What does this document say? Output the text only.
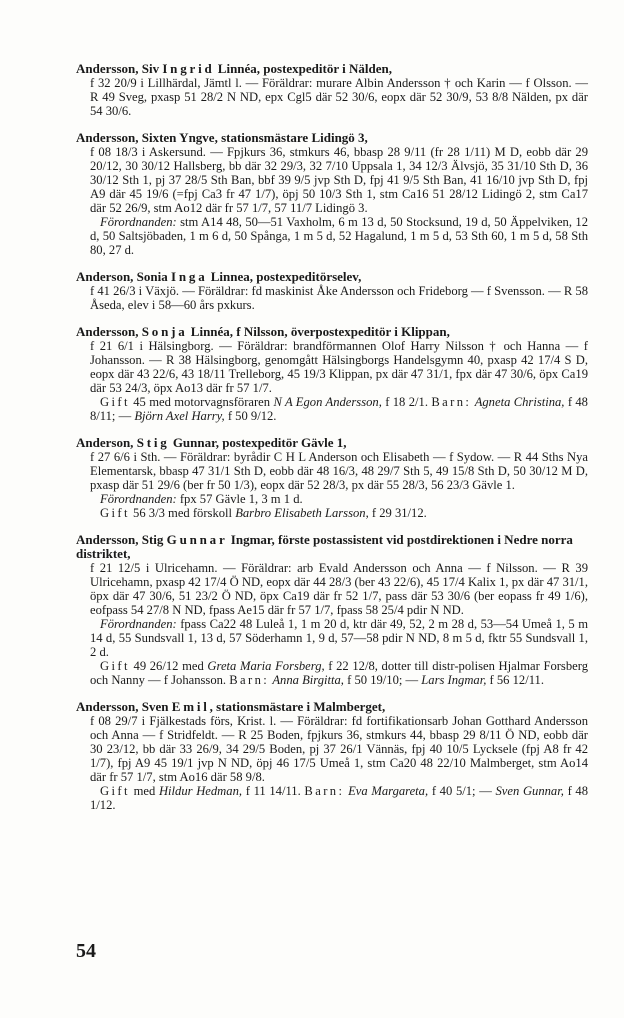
Andersson, Siv Ingrid Linnéa, postexpeditör i Nälden,

f 32 20/9 i Lillhärdal, Jämtl l. — Föräldrar: murare Albin Andersson † och Karin — f Olsson. — R 49 Sveg, pxasp 51 28/2 N ND, epx Cgl5 där 52 30/6, eopx där 52 30/9, 53 8/8 Nälden, px där 54 30/6.

Andersson, Sixten Yngve, stationsmästare Lidingö 3,

f 08 18/3 i Askersund. — Fpjkurs 36, stmkurs 46, bbasp 28 9/11 (fr 28 1/11) M D, eobb där 29 20/12, 30 30/12 Hallsberg, bb där 32 29/3, 32 7/10 Uppsala 1, 34 12/3 Älvsjö, 35 31/10 Sth D, 36 30/12 Sth 1, pj 37 28/5 Sth Ban, bbf 39 9/5 jvp Sth D, fpj 41 9/5 Sth Ban, 41 16/10 jvp Sth D, fpj A9 där 45 19/6 (=fpj Ca3 fr 47 1/7), öpj 50 10/3 Sth 1, stm Ca16 51 28/12 Lidingö 2, stm Ca17 där 52 26/9, stm Ao12 där fr 57 1/7, 57 11/7 Lidingö 3.

Förordnanden: stm A14 48, 50—51 Vaxholm, 6 m 13 d, 50 Stocksund, 19 d, 50 Äppelviken, 12 d, 50 Saltsjöbaden, 1 m 6 d, 50 Spånga, 1 m 5 d, 52 Hagalund, 1 m 5 d, 53 Sth 60, 1 m 5 d, 58 Sth 80, 27 d.

Anderson, Sonia Inga Linnea, postexpeditörselev,

f 41 26/3 i Växjö. — Föräldrar: fd maskinist Åke Andersson och Frideborg — f Svensson. — R 58 Åseda, elev i 58—60 års pxkurs.

Andersson, Sonja Linnéa, f Nilsson, överpostexpeditör i Klippan,

f 21 6/1 i Hälsingborg. — Föräldrar: brandförmannen Olof Harry Nilsson † och Hanna — f Johansson. — R 38 Hälsingborg, genomgått Hälsingborgs Handelsgymn 40, pxasp 42 17/4 S D, eopx där 43 22/6, 43 18/11 Trelleborg, 45 19/3 Klippan, px där 47 31/1, fpx där 47 30/6, öpx Ca19 där 53 24/3, öpx Ao13 där fr 57 1/7.

Gift 45 med motorvagnsföraren N A Egon Andersson, f 18 2/1. Barn: Agneta Christina, f 48 8/11; — Björn Axel Harry, f 50 9/12.

Anderson, Stig Gunnar, postexpeditör Gävle 1,

f 27 6/6 i Sth. — Föräldrar: byrådir C H L Anderson och Elisabeth — f Sydow. — R 44 Sths Nya Elementarsk, bbasp 47 31/1 Sth D, eobb där 48 16/3, 48 29/7 Sth 5, 49 15/8 Sth D, 50 30/12 M D, pxasp där 51 29/6 (ber fr 50 1/3), eopx där 52 28/3, px där 55 28/3, 56 23/3 Gävle 1.

Förordnanden: fpx 57 Gävle 1, 3 m 1 d.

Gift 56 3/3 med förskoll Barbro Elisabeth Larsson, f 29 31/12.

Andersson, Stig Gunnar Ingmar, förste postassistent vid postdirektionen i Nedre norra distriktet,

f 21 12/5 i Ulricehamn. — Föräldrar: arb Evald Andersson och Anna — f Nilsson. — R 39 Ulricehamn, pxasp 42 17/4 Ö ND, eopx där 44 28/3 (ber 43 22/6), 45 17/4 Kalix 1, px där 47 31/1, öpx där 47 30/6, 51 23/2 Ö ND, öpx Ca19 där fr 52 1/7, pass där 53 30/6 (ber eopass fr 49 1/6), eofpass 54 27/8 N ND, fpass Ae15 där fr 57 1/7, fpass 58 25/4 pdir N ND.

Förordnanden: fpass Ca22 48 Luleå 1, 1 m 20 d, ktr där 49, 52, 2 m 28 d, 53—54 Umeå 1, 5 m 14 d, 55 Sundsvall 1, 13 d, 57 Söderhamn 1, 9 d, 57—58 pdir N ND, 8 m 5 d, fktr 55 Sundsvall 1, 2 d.

Gift 49 26/12 med Greta Maria Forsberg, f 22 12/8, dotter till distr-polisen Hjalmar Forsberg och Nanny — f Johansson. Barn: Anna Birgitta, f 50 19/10; — Lars Ingmar, f 56 12/11.

Andersson, Sven Emil, stationsmästare i Malmberget,

f 08 29/7 i Fjälkestads förs, Krist. l. — Föräldrar: fd fortifikationsarb Johan Gotthard Andersson och Anna — f Stridfeldt. — R 25 Boden, fpjkurs 36, stmkurs 44, bbasp 29 8/11 Ö ND, eobb där 30 23/12, bb där 33 26/9, 34 29/5 Boden, pj 37 26/1 Vännäs, fpj 40 10/5 Lycksele (fpj A8 fr 42 1/7), fpj A9 45 19/1 jvp N ND, öpj 46 17/5 Umeå 1, stm Ca20 48 22/10 Malmberget, stm Ao14 där fr 57 1/7, stm Ao16 där 58 9/8.

Gift med Hildur Hedman, f 11 14/11. Barn: Eva Margareta, f 40 5/1; — Sven Gunnar, f 48 1/12.

54
